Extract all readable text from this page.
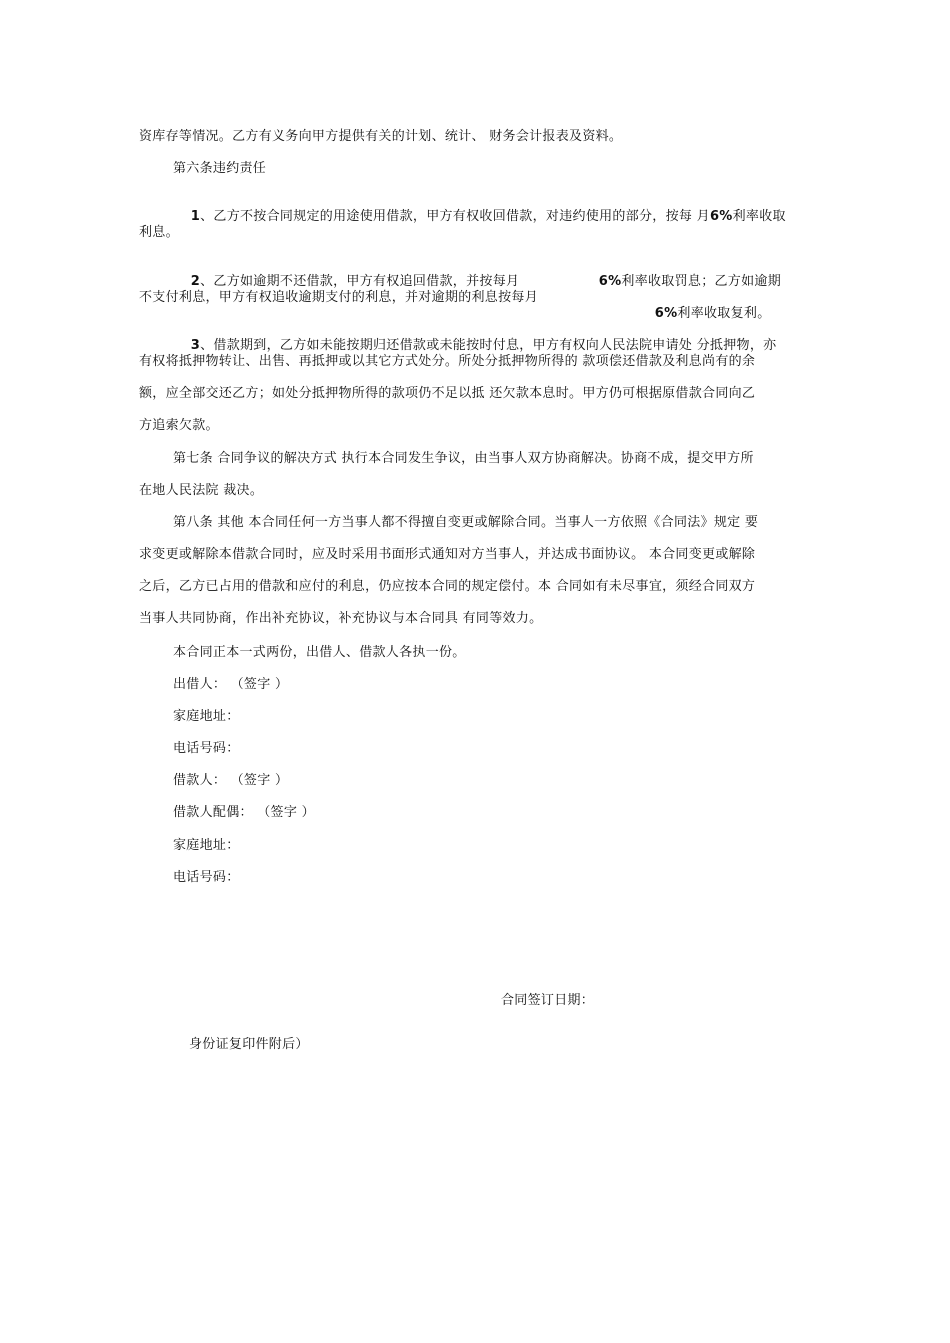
资库存等情况。乙方有义务向甲方提供有关的计划、统计、 财务会计报表及资料。
第六条违约责任

1、乙方不按合同规定的用途使用借款，甲方有权收回借款，对违约使用的部分，按每 月6%利率收取

利息。

2、乙方如逾期不还借款，甲方有权追回借款，并按每月
	6%利率收取罚息；乙方如逾期

不支付利息，甲方有权追收逾期支付的利息，并对逾期的利息按每月

6%利率收取复利。

3、借款期到，乙方如未能按期归还借款或未能按时付息，甲方有权向人民法院申请处 分抵押物，亦

有权将抵押物转让、出售、再抵押或以其它方式处分。所处分抵押物所得的 款项偿还借款及利息尚有的余
额，应全部交还乙方；如处分抵押物所得的款项仍不足以抵 还欠款本息时。甲方仍可根据原借款合同向乙
方追索欠款。
第七条 合同争议的解决方式 执行本合同发生争议，由当事人双方协商解决。协商不成，提交甲方所
在地人民法院 裁决。
第八条 其他 本合同任何一方当事人都不得擅自变更或解除合同。当事人一方依照《合同法》规定 要
求变更或解除本借款合同时，应及时采用书面形式通知对方当事人，并达成书面协议。 本合同变更或解除
之后，乙方已占用的借款和应付的利息，仍应按本合同的规定偿付。本 合同如有未尽事宜，须经合同双方
当事人共同协商，作出补充协议，补充协议与本合同具 有同等效力。
本合同正本一式两份，出借人、借款人各执一份。
出借人： （签字 ）
家庭地址：
电话号码：
借款人： （签字 ）
借款人配偶： （签字 ）
家庭地址：
电话号码：
合同签订日期：
身份证复印件附后）
